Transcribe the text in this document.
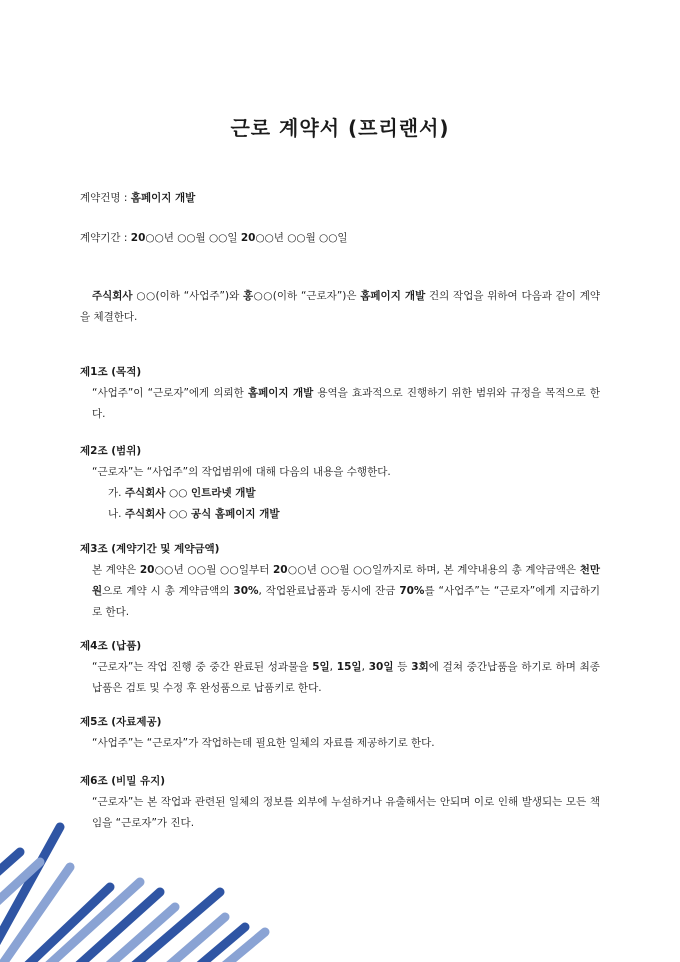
근로 계약서 (프리랜서)
계약건명 : 홈페이지 개발
계약기간 : 20○○년 ○○월 ○○일 20○○년 ○○월 ○○일

주식회사 ○○(이하 “사업주”)와 홍○○(이하 “근로자”)은 홈페이지 개발 건의 작업을 위하여 다음과 같이 계약을 체결한다.

제1조 (목적)

“사업주”이 “근로자”에게 의뢰한 홈페이지 개발 용역을 효과적으로 진행하기 위한 범위와 규정을 목적으로 한다.

제2조 (범위)

“근로자”는 “사업주”의 작업범위에 대해 다음의 내용을 수행한다.

가. 주식회사 ○○ 인트라넷 개발
나. 주식회사 ○○ 공식 홈페이지 개발
제3조 (계약기간 및 계약금액)

본 계약은 20○○년 ○○월 ○○일부터 20○○년 ○○월 ○○일까지로 하며, 본 계약내용의 총 계약금액은 천만원으로 계약 시 총 계약금액의 30%, 작업완료납품과 동시에 잔금 70%를 “사업주”는 “근로자”에게 지급하기로 한다.

제4조 (납품)

“근로자”는 작업 진행 중 중간 완료된 성과물을 5일, 15일, 30일 등 3회에 걸쳐 중간납품을 하기로 하며 최종 납품은 검토 및 수정 후 완성품으로 납품키로 한다.

제5조 (자료제공)

“사업주”는 “근로자”가 작업하는데 필요한 일체의 자료를 제공하기로 한다.

제6조 (비밀 유지)

“근로자”는 본 작업과 관련된 일체의 정보를 외부에 누설하거나 유출해서는 안되며 이로 인해 발생되는 모든 책임을 “근로자”가 진다.
